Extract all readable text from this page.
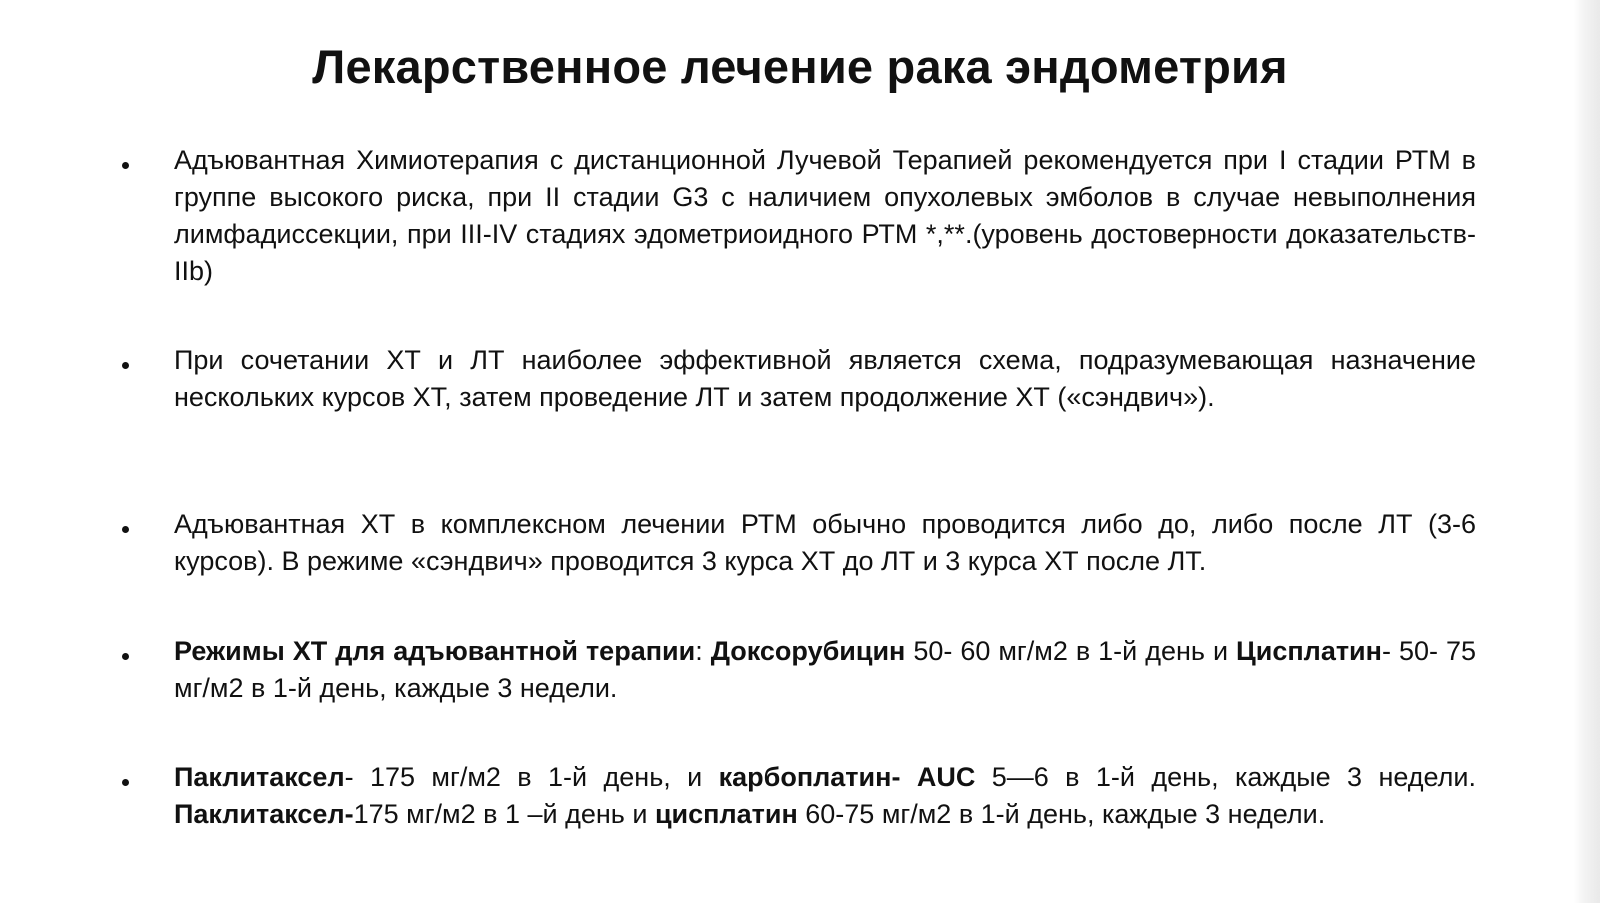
Лекарственное лечение рака эндометрия

Адъювантная Химиотерапия с дистанционной Лучевой Терапией рекомендуется при I стадии РТМ в группе высокого риска, при II стадии G3 с наличием опухолевых эмболов в случае невыполнения лимфадиссекции, при III-IV стадиях эдометриоидного РТМ *,**.(уровень достоверности доказательств- IIb)

При сочетании ХТ и ЛТ наиболее эффективной является схема, подразумевающая назначение нескольких курсов ХТ, затем проведение ЛТ и затем продолжение ХТ («сэндвич»).

Адъювантная ХТ в комплексном лечении РТМ обычно проводится либо до, либо после ЛТ (3-6 курсов). В режиме «сэндвич» проводится 3 курса ХТ до ЛТ и 3 курса ХТ после ЛТ.

Режимы ХТ для адъювантной терапии: Доксорубицин 50- 60 мг/м2 в 1-й день и Цисплатин- 50- 75 мг/м2 в 1-й день, каждые 3 недели.

Паклитаксел- 175 мг/м2 в 1-й день, и карбоплатин- AUC 5—6 в 1-й день, каждые 3 недели. Паклитаксел-175 мг/м2 в 1 –й день и цисплатин 60-75 мг/м2 в 1-й день, каждые 3 недели.
